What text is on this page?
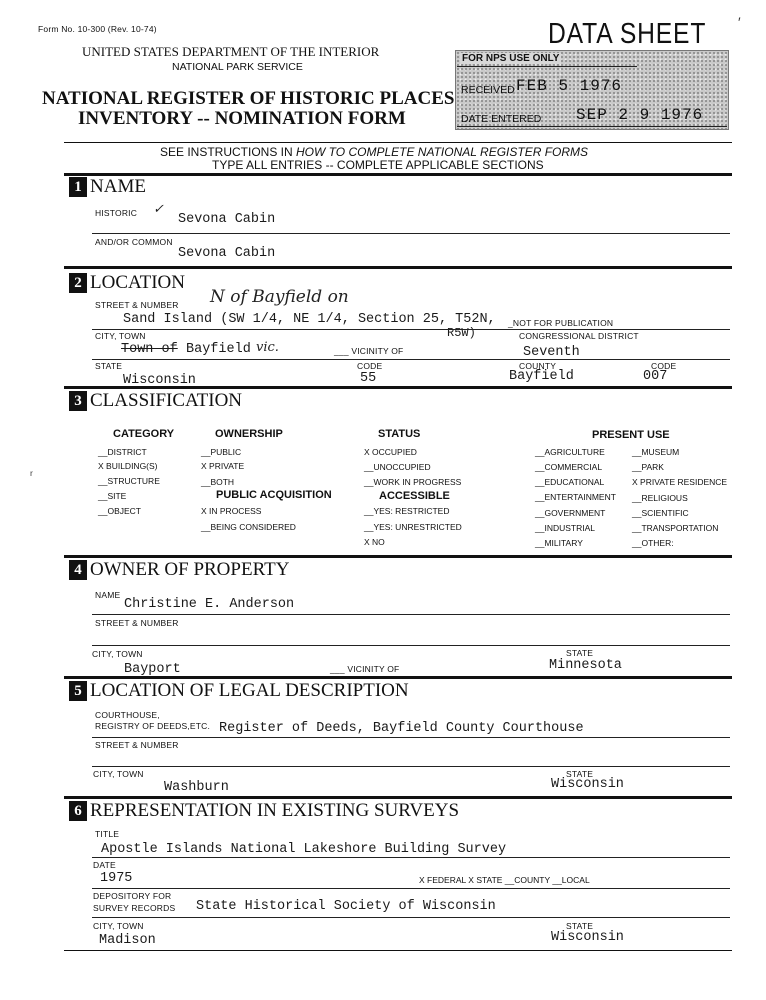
Form No. 10-300 (Rev. 10-74)
UNITED STATES DEPARTMENT OF THE INTERIOR
NATIONAL PARK SERVICE
NATIONAL REGISTER OF HISTORIC PLACES
INVENTORY -- NOMINATION FORM
DATA SHEET
FOR NPS USE ONLY
RECEIVED FEB 5 1976
DATE ENTERED SEP 2 9 1976
SEE INSTRUCTIONS IN HOW TO COMPLETE NATIONAL REGISTER FORMS
TYPE ALL ENTRIES -- COMPLETE APPLICABLE SECTIONS
1 NAME
HISTORIC ✓
Sevona Cabin
AND/OR COMMON
Sevona Cabin
2 LOCATION
STREET & NUMBER N of Bayfield on
Sand Island (SW 1/4, NE 1/4, Section 25, T52N,
R5W)
_NOT FOR PUBLICATION
CITY, TOWN	CONGRESSIONAL DISTRICT
Town of Bayfield vic.	___ VICINITY OF	Seventh
STATE	CODE	COUNTY	CODE
Wisconsin	55	Bayfield	007
3 CLASSIFICATION
CATEGORY
__DISTRICT
X BUILDING(S)
__STRUCTURE
__SITE
__OBJECT
OWNERSHIP
__PUBLIC
X PRIVATE
__BOTH
PUBLIC ACQUISITION
X IN PROCESS
__BEING CONSIDERED
STATUS
X OCCUPIED
__UNOCCUPIED
__WORK IN PROGRESS
ACCESSIBLE
__YES: RESTRICTED
__YES: UNRESTRICTED
X NO
PRESENT USE
__AGRICULTURE
__COMMERCIAL
__EDUCATIONAL
__ENTERTAINMENT
__GOVERNMENT
__INDUSTRIAL
__MILITARY
__MUSEUM
__PARK
X PRIVATE RESIDENCE
__RELIGIOUS
__SCIENTIFIC
__TRANSPORTATION
__OTHER:
4 OWNER OF PROPERTY
NAME
Christine E. Anderson
STREET & NUMBER
CITY, TOWN	STATE
Bayport	___ VICINITY OF	Minnesota
5 LOCATION OF LEGAL DESCRIPTION
COURTHOUSE,
REGISTRY OF DEEDS,ETC. Register of Deeds, Bayfield County Courthouse
STREET & NUMBER
CITY, TOWN	STATE
Washburn	Wisconsin
6 REPRESENTATION IN EXISTING SURVEYS
TITLE
Apostle Islands National Lakeshore Building Survey
DATE
1975	X FEDERAL X STATE __COUNTY __LOCAL
DEPOSITORY FOR
SURVEY RECORDS State Historical Society of Wisconsin
CITY, TOWN	STATE
Madison	Wisconsin
ʳ
′
